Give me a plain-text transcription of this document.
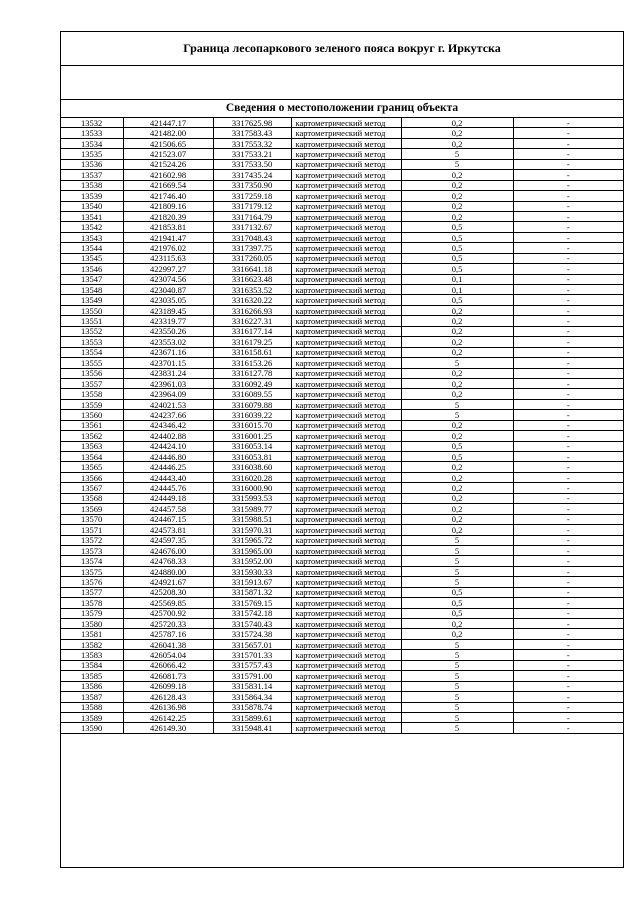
Граница лесопаркового зеленого пояса вокруг г. Иркутска
Сведения о местоположении границ объекта
13532	421447.17	3317625.98	картометрический метод	0,2	-
13533	421482.00	3317583.43	картометрический метод	0,2	-
13534	421506.65	3317553.32	картометрический метод	0,2	-
13535	421523.07	3317533.21	картометрический метод	5	-
13536	421524.26	3317533.50	картометрический метод	5	-
13537	421602.98	3317435.24	картометрический метод	0,2	-
13538	421669.54	3317350.90	картометрический метод	0,2	-
13539	421746.40	3317259.18	картометрический метод	0,2	-
13540	421809.16	3317179.12	картометрический метод	0,2	-
13541	421820.39	3317164.79	картометрический метод	0,2	-
13542	421853.81	3317132.67	картометрический метод	0,5	-
13543	421941.47	3317048.43	картометрический метод	0,5	-
13544	421976.02	3317397.75	картометрический метод	0,5	-
13545	423115.63	3317260.05	картометрический метод	0,5	-
13546	422997.27	3316641.18	картометрический метод	0,5	-
13547	423074.56	3316623.48	картометрический метод	0,1	-
13548	423040.87	3316353.52	картометрический метод	0,1	-
13549	423035.05	3316320.22	картометрический метод	0,5	-
13550	423189.45	3316266.93	картометрический метод	0,2	-
13551	423319.77	3316227.31	картометрический метод	0,2	-
13552	423550.26	3316177.14	картометрический метод	0,2	-
13553	423553.02	3316179.25	картометрический метод	0,2	-
13554	423671.16	3316158.61	картометрический метод	0,2	-
13555	423701.15	3316153.26	картометрический метод	5	-
13556	423831.24	3316127.78	картометрический метод	0,2	-
13557	423961.03	3316092.49	картометрический метод	0,2	-
13558	423964.09	3316089.55	картометрический метод	0,2	-
13559	424021.53	3316079.88	картометрический метод	5	-
13560	424237.66	3316039.22	картометрический метод	5	-
13561	424346.42	3316015.70	картометрический метод	0,2	-
13562	424402.88	3316001.25	картометрический метод	0,2	-
13563	424424.10	3316053.14	картометрический метод	0,5	-
13564	424446.80	3316053.81	картометрический метод	0,5	-
13565	424446.25	3316038.60	картометрический метод	0,2	-
13566	424443.40	3316020.28	картометрический метод	0,2	-
13567	424445.76	3316000.90	картометрический метод	0,2	-
13568	424449.18	3315993.53	картометрический метод	0,2	-
13569	424457.58	3315989.77	картометрический метод	0,2	-
13570	424467.15	3315988.51	картометрический метод	0,2	-
13571	424573.81	3315970.31	картометрический метод	0,2	-
13572	424597.35	3315965.72	картометрический метод	5	-
13573	424676.00	3315965.00	картометрический метод	5	-
13574	424768.33	3315952.00	картометрический метод	5	-
13575	424880.00	3315930.33	картометрический метод	5	-
13576	424921.67	3315913.67	картометрический метод	5	-
13577	425208.30	3315871.32	картометрический метод	0,5	-
13578	425569.85	3315769.15	картометрический метод	0,5	-
13579	425700.92	3315742.18	картометрический метод	0,5	-
13580	425720.33	3315740.43	картометрический метод	0,2	-
13581	425787.16	3315724.38	картометрический метод	0,2	-
13582	426041.38	3315657.01	картометрический метод	5	-
13583	426054.04	3315701.33	картометрический метод	5	-
13584	426066.42	3315757.43	картометрический метод	5	-
13585	426081.73	3315791.00	картометрический метод	5	-
13586	426099.18	3315831.14	картометрический метод	5	-
13587	426128.43	3315864.34	картометрический метод	5	-
13588	426136.98	3315878.74	картометрический метод	5	-
13589	426142.25	3315899.61	картометрический метод	5	-
13590	426149.30	3315948.41	картометрический метод	5	-
